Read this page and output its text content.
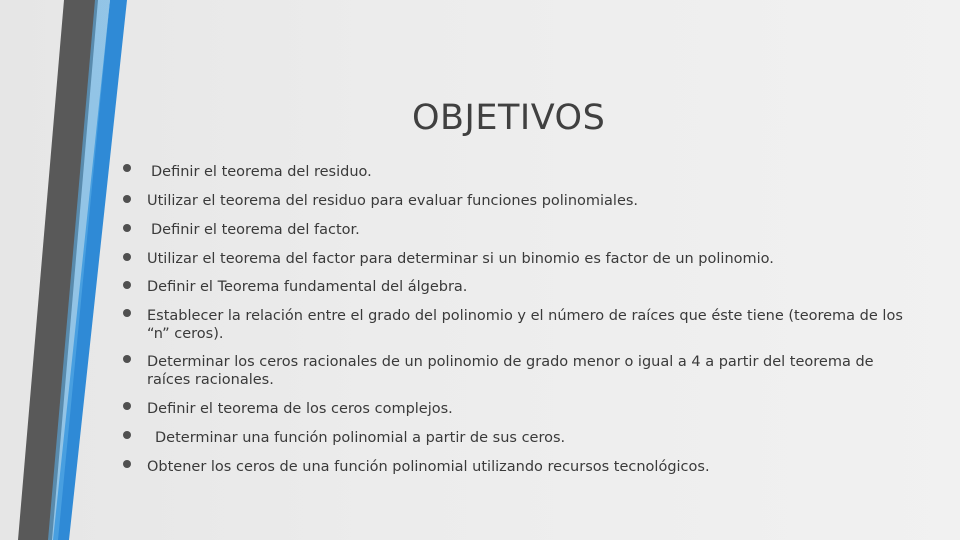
OBJETIVOS
Definir el teorema del residuo.
Utilizar el teorema del residuo para evaluar funciones polinomiales.
Definir el teorema del factor.
Utilizar el teorema del factor para determinar si un binomio es factor de un polinomio.
Definir el Teorema fundamental del álgebra.
Establecer la relación entre el grado del polinomio y el número de raíces que éste tiene (teorema de los “n” ceros).
Determinar los ceros racionales de un polinomio de grado menor o igual a 4 a partir del teorema de raíces racionales.
Definir el teorema de los ceros complejos.
Determinar una función polinomial a partir de sus ceros.
Obtener los ceros de una función polinomial utilizando recursos tecnológicos.
